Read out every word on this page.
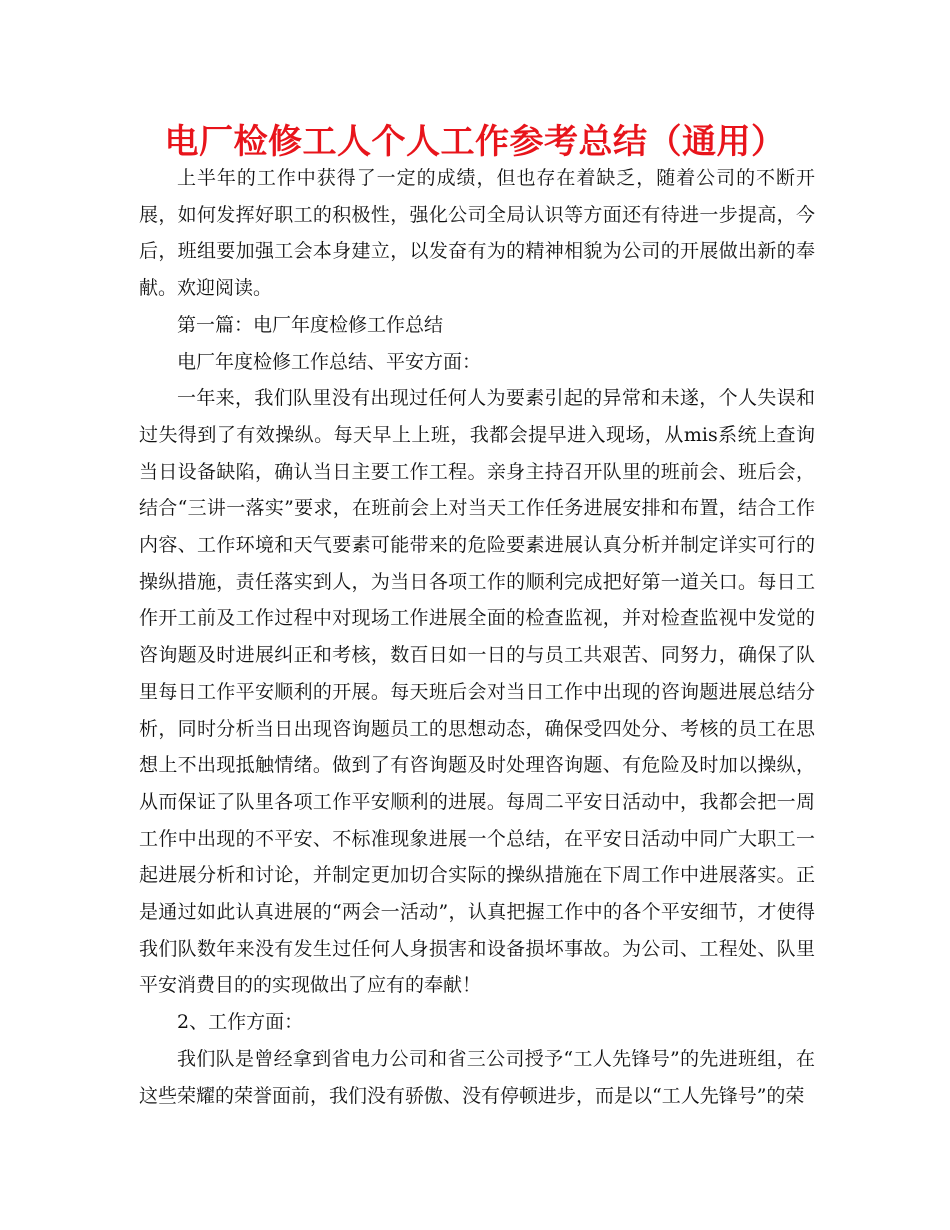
电厂检修工人个人工作参考总结（通用）

上半年的工作中获得了一定的成绩，但也存在着缺乏，随着公司的不断开展，如何发挥好职工的积极性，强化公司全局认识等方面还有待进一步提高，今后，班组要加强工会本身建立，以发奋有为的精神相貌为公司的开展做出新的奉献。欢迎阅读。

第一篇：电厂年度检修工作总结

电厂年度检修工作总结、平安方面：

一年来，我们队里没有出现过任何人为要素引起的异常和未遂，个人失误和过失得到了有效操纵。每天早上上班，我都会提早进入现场，从mis系统上查询当日设备缺陷，确认当日主要工作工程。亲身主持召开队里的班前会、班后会，结合“三讲一落实”要求，在班前会上对当天工作任务进展安排和布置，结合工作内容、工作环境和天气要素可能带来的危险要素进展认真分析并制定详实可行的操纵措施，责任落实到人，为当日各项工作的顺利完成把好第一道关口。每日工作开工前及工作过程中对现场工作进展全面的检查监视，并对检查监视中发觉的咨询题及时进展纠正和考核，数百日如一日的与员工共艰苦、同努力，确保了队里每日工作平安顺利的开展。每天班后会对当日工作中出现的咨询题进展总结分析，同时分析当日出现咨询题员工的思想动态，确保受四处分、考核的员工在思想上不出现抵触情绪。做到了有咨询题及时处理咨询题、有危险及时加以操纵，从而保证了队里各项工作平安顺利的进展。每周二平安日活动中，我都会把一周工作中出现的不平安、不标准现象进展一个总结，在平安日活动中同广大职工一起进展分析和讨论，并制定更加切合实际的操纵措施在下周工作中进展落实。正是通过如此认真进展的“两会一活动”，认真把握工作中的各个平安细节，才使得我们队数年来没有发生过任何人身损害和设备损坏事故。为公司、工程处、队里平安消费目的的实现做出了应有的奉献！

2、工作方面：

我们队是曾经拿到省电力公司和省三公司授予“工人先锋号”的先进班组，在这些荣耀的荣誉面前，我们没有骄傲、没有停顿进步，而是以“工人先锋号”的荣
